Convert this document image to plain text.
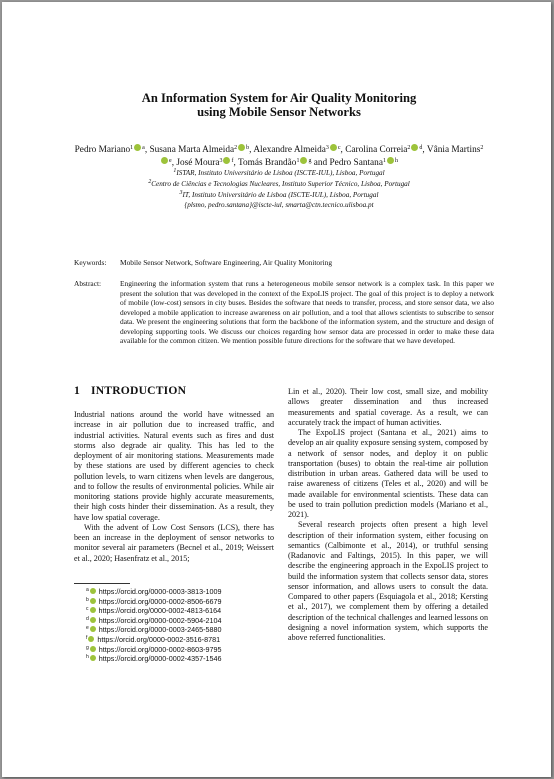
An Information System for Air Quality Monitoring
using Mobile Sensor Networks
Pedro Mariano$^1$ $^a$, Susana Marta Almeida$^2$ $^b$, Alexandre Almeida$^3$ $^c$, Carolina Correia$^2$ $^d$, Vânia Martins$^{2e}$, José Moura$^3$ $^f$, Tomás Brandão$^1$ $^g$ and Pedro Santana$^1$ $^h$
$^1$ISTAR, Instituto Universitário de Lisboa (ISCTE-IUL), Lisboa, Portugal
$^2$Centro de Ciências e Tecnologias Nucleares, Instituto Superior Técnico, Lisboa, Portugal
$^3$IT, Instituto Universitário de Lisboa (ISCTE-IUL), Lisboa, Portugal
{plsmo, pedro.santana}@iscte-iul, smarta@ctn.tecnico.ulisboa.pt
Keywords: Mobile Sensor Network, Software Engineering, Air Quality Monitoring
Abstract:	Engineering the information system that runs a heterogeneous mobile sensor network is a complex task. In this paper we present the solution that was developed in the context of the ExpoLIS project. The goal of this project is to deploy a network of mobile (low-cost) sensors in city buses. Besides the software that needs to transfer, process, and store sensor data, we also developed a mobile application to increase awareness on air pollution, and a tool that allows scientists to subscribe to sensor data. We present the engineering solutions that form the backbone of the information system, and the structure and design of developing supporting tools. We discuss our choices regarding how sensor data are processed in order to make these data available for the common citizen. We mention possible future directions for the software that we have developed.
1 INTRODUCTION

Industrial nations around the world have witnessed an increase in air pollution due to increased traffic, and industrial activities. Natural events such as fires and dust storms also degrade air quality. This has led to the deployment of air monitoring stations. Measurements made by these stations are used by different agencies to check pollution levels, to warn citizens when levels are dangerous, and to follow the results of environmental policies. While air monitoring stations provide highly accurate measurements, their high costs hinder their dissemination. As a result, they have low spatial coverage.

With the advent of Low Cost Sensors (LCS), there has been an increase in the deployment of sensor networks to monitor several air parameters (Becnel et al., 2019; Weissert et al., 2020; Hasenfratz et al., 2015;

$^a$ https://orcid.org/0000-0003-3813-1009
$^b$ https://orcid.org/0000-0002-8506-6679
$^c$ https://orcid.org/0000-0002-4813-6164
$^d$ https://orcid.org/0000-0002-5904-2104
$^e$ https://orcid.org/0000-0003-2465-5880
$^f$ https://orcid.org/0000-0002-3516-8781
$^g$ https://orcid.org/0000-0002-8603-9795
$^h$ https://orcid.org/0000-0002-4357-1546

Lin et al., 2020). Their low cost, small size, and mobility allows greater dissemination and thus increased measurements and spatial coverage. As a result, we can accurately track the impact of human activities.

The ExpoLIS project (Santana et al., 2021) aims to develop an air quality exposure sensing system, composed by a network of sensor nodes, and deploy it on public transportation (buses) to obtain the real-time air pollution distribution in urban areas. Gathered data will be used to raise awareness of citizens (Teles et al., 2020) and will be made available for environmental scientists. These data can be used to train pollution prediction models (Mariano et al., 2021).

Several research projects often present a high level description of their information system, either focusing on semantics (Calbimonte et al., 2014), or truthful sensing (Radanovic and Faltings, 2015). In this paper, we will describe the engineering approach in the ExpoLIS project to build the information system that collects sensor data, stores sensor information, and allows users to consult the data. Compared to other papers (Esquiagola et al., 2018; Kersting et al., 2017), we complement them by offering a detailed description of the technical challenges and learned lessons on designing a novel information system, which supports the above referred functionalities.
